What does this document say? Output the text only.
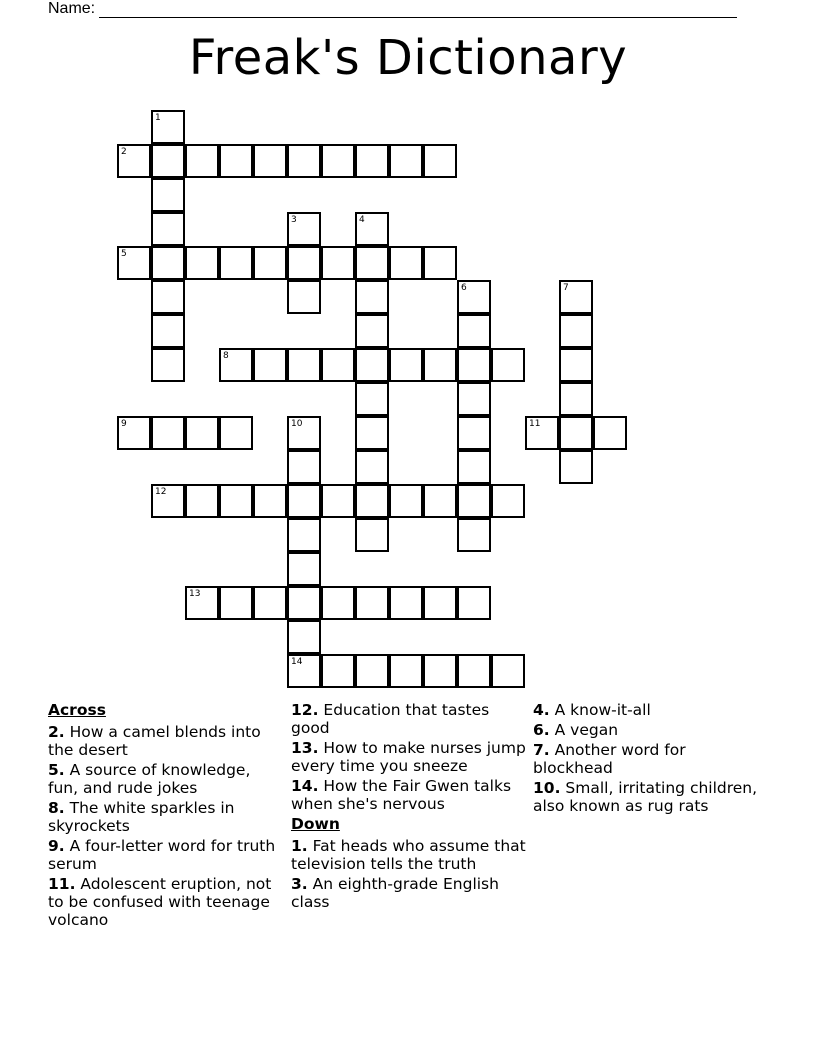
Name:
Freak's Dictionary
2
5
8
9	11
12
13
14
1
3	4
6	7
10
Across
2. How a camel blends into the desert
5. A source of knowledge, fun, and rude jokes
8. The white sparkles in skyrockets
9. A four-letter word for truth serum
11. Adolescent eruption, not to be confused with teenage volcano
12. Education that tastes good
13. How to make nurses jump every time you sneeze
14. How the Fair Gwen talks when she's nervous
Down
1. Fat heads who assume that television tells the truth
3. An eighth-grade English class
4. A know-it-all
6. A vegan
7. Another word for blockhead
10. Small, irritating children, also known as rug rats
